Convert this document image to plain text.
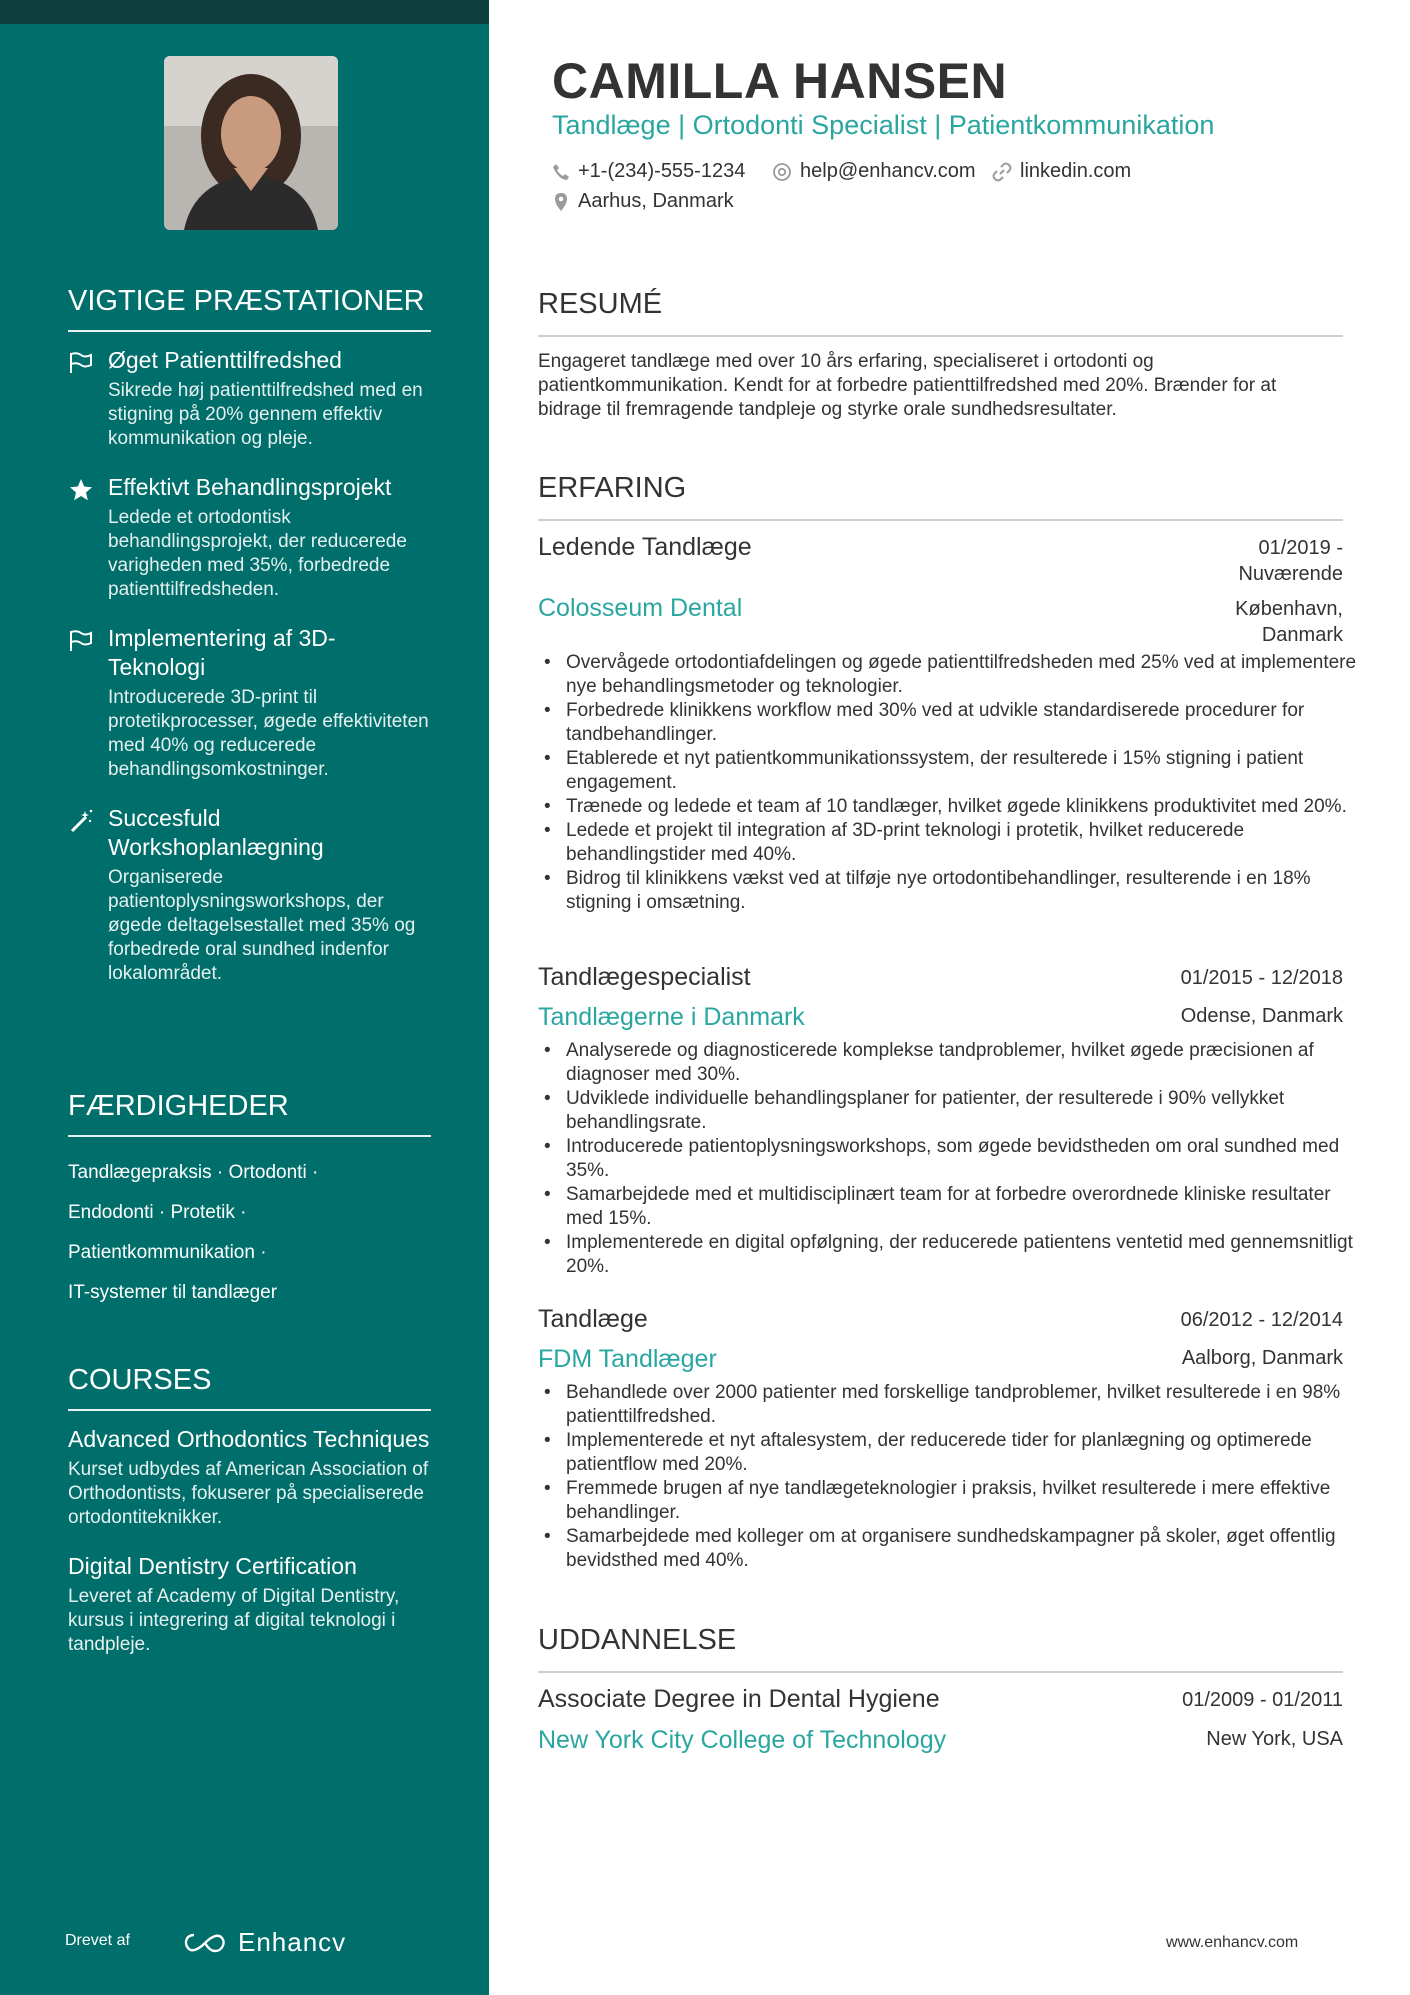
VIGTIGE PRÆSTATIONER
Øget Patienttilfredshed
Sikrede høj patienttilfredshed med en stigning på 20% gennem effektiv kommunikation og pleje.
Effektivt Behandlingsprojekt
Ledede et ortodontisk behandlingsprojekt, der reducerede varigheden med 35%, forbedrede patienttilfredsheden.
Implementering af 3D-Teknologi
Introducerede 3D-print til protetikprocesser, øgede effektiviteten med 40% og reducerede behandlingsomkostninger.
Succesfuld Workshoplanlægning
Organiserede patientoplysningsworkshops, der øgede deltagelsestallet med 35% og forbedrede oral sundhed indenfor lokalområdet.
FÆRDIGHEDER
Tandlægepraksis · Ortodonti ·
Endodonti · Protetik ·
Patientkommunikation ·
IT-systemer til tandlæger
COURSES
Advanced Orthodontics Techniques
Kurset udbydes af American Association of Orthodontists, fokuserer på specialiserede ortodontiteknikker.
Digital Dentistry Certification
Leveret af Academy of Digital Dentistry, kursus i integrering af digital teknologi i tandpleje.
Drevet af	Enhancv
CAMILLA HANSEN
Tandlæge | Ortodonti Specialist | Patientkommunikation
+1-(234)-555-1234	help@enhancv.com linkedin.com
Aarhus, Danmark
RESUMÉ
Engageret tandlæge med over 10 års erfaring, specialiseret i ortodonti og patientkommunikation. Kendt for at forbedre patienttilfredshed med 20%. Brænder for at bidrage til fremragende tandpleje og styrke orale sundhedsresultater.
ERFARING
Ledende Tandlæge	01/2019 - Nuværende
Colosseum Dental	København, Danmark
• Overvågede ortodontiafdelingen og øgede patienttilfredsheden med 25% ved at implementere nye behandlingsmetoder og teknologier.
• Forbedrede klinikkens workflow med 30% ved at udvikle standardiserede procedurer for tandbehandlinger.
• Etablerede et nyt patientkommunikationssystem, der resulterede i 15% stigning i patient engagement.
• Trænede og ledede et team af 10 tandlæger, hvilket øgede klinikkens produktivitet med 20%.
• Ledede et projekt til integration af 3D-print teknologi i protetik, hvilket reducerede behandlingstider med 40%.
• Bidrog til klinikkens vækst ved at tilføje nye ortodontibehandlinger, resulterende i en 18% stigning i omsætning.
Tandlægespecialist	01/2015 - 12/2018
Tandlægerne i Danmark	Odense, Danmark
• Analyserede og diagnosticerede komplekse tandproblemer, hvilket øgede præcisionen af diagnoser med 30%.
• Udviklede individuelle behandlingsplaner for patienter, der resulterede i 90% vellykket behandlingsrate.
• Introducerede patientoplysningsworkshops, som øgede bevidstheden om oral sundhed med 35%.
• Samarbejdede med et multidisciplinært team for at forbedre overordnede kliniske resultater med 15%.
• Implementerede en digital opfølgning, der reducerede patientens ventetid med gennemsnitligt 20%.
Tandlæge	06/2012 - 12/2014
FDM Tandlæger	Aalborg, Danmark
• Behandlede over 2000 patienter med forskellige tandproblemer, hvilket resulterede i en 98% patienttilfredshed.
• Implementerede et nyt aftalesystem, der reducerede tider for planlægning og optimerede patientflow med 20%.
• Fremmede brugen af nye tandlægeteknologier i praksis, hvilket resulterede i mere effektive behandlinger.
• Samarbejdede med kolleger om at organisere sundhedskampagner på skoler, øget offentlig bevidsthed med 40%.
UDDANNELSE
Associate Degree in Dental Hygiene	01/2009 - 01/2011
New York City College of Technology	New York, USA
www.enhancv.com
